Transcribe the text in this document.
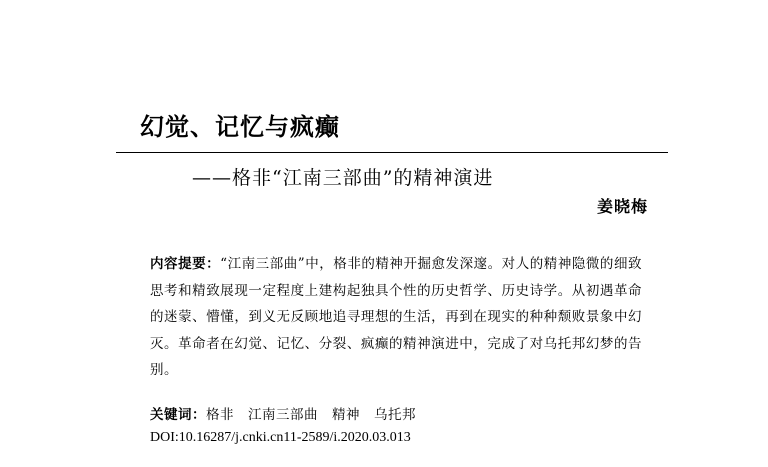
幻觉、记忆与疯癫
——格非“江南三部曲”的精神演进
姜晓梅
内容提要：“江南三部曲”中，格非的精神开掘愈发深邃。对人的精神隐微的细致思考和精致展现一定程度上建构起独具个性的历史哲学、历史诗学。从初遇革命的迷蒙、懵懂，到义无反顾地追寻理想的生活，再到在现实的种种颓败景象中幻灭。革命者在幻觉、记忆、分裂、疯癫的精神演进中，完成了对乌托邦幻梦的告别。
关键词：格非 江南三部曲 精神 乌托邦
DOI:10.16287/j.cnki.cn11-2589/i.2020.03.013
